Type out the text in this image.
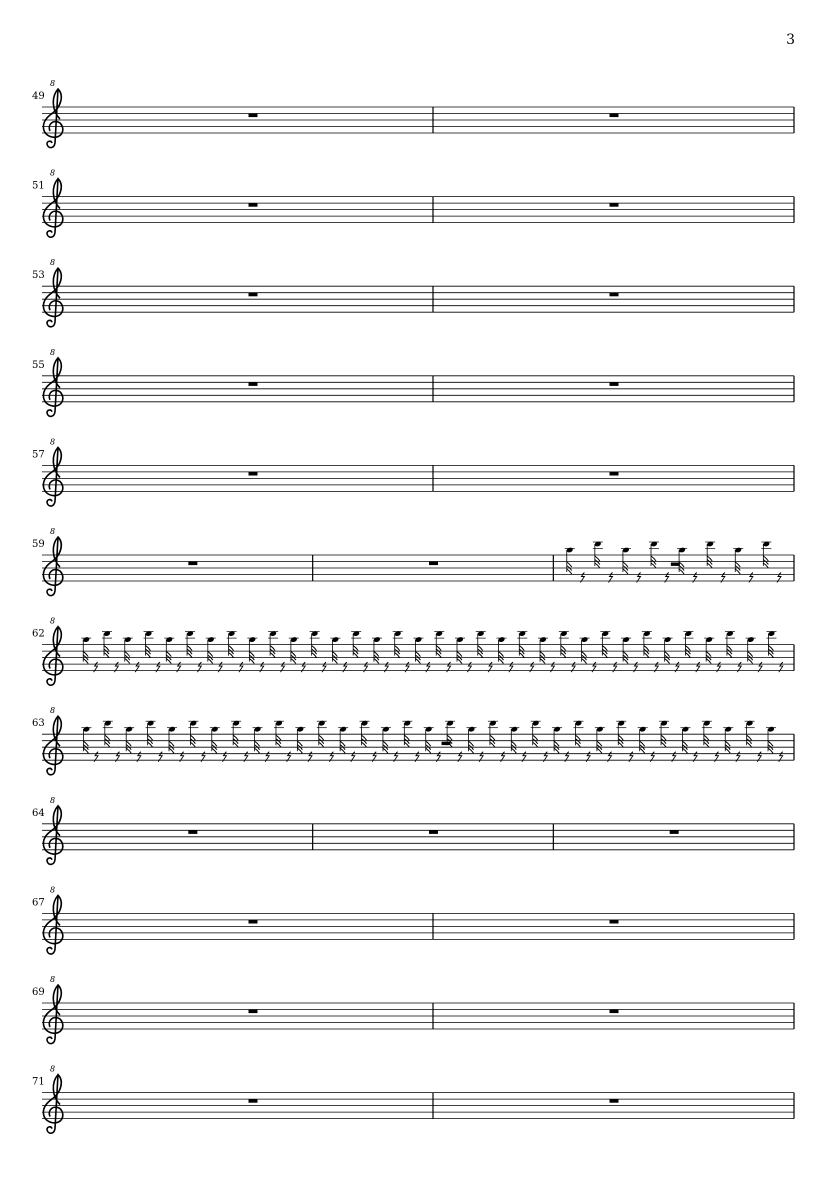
3
49
8
51
8
53
8
55
8
57
8
59
8
62
8
63
8
64
8
67
8
69
8
71
8
